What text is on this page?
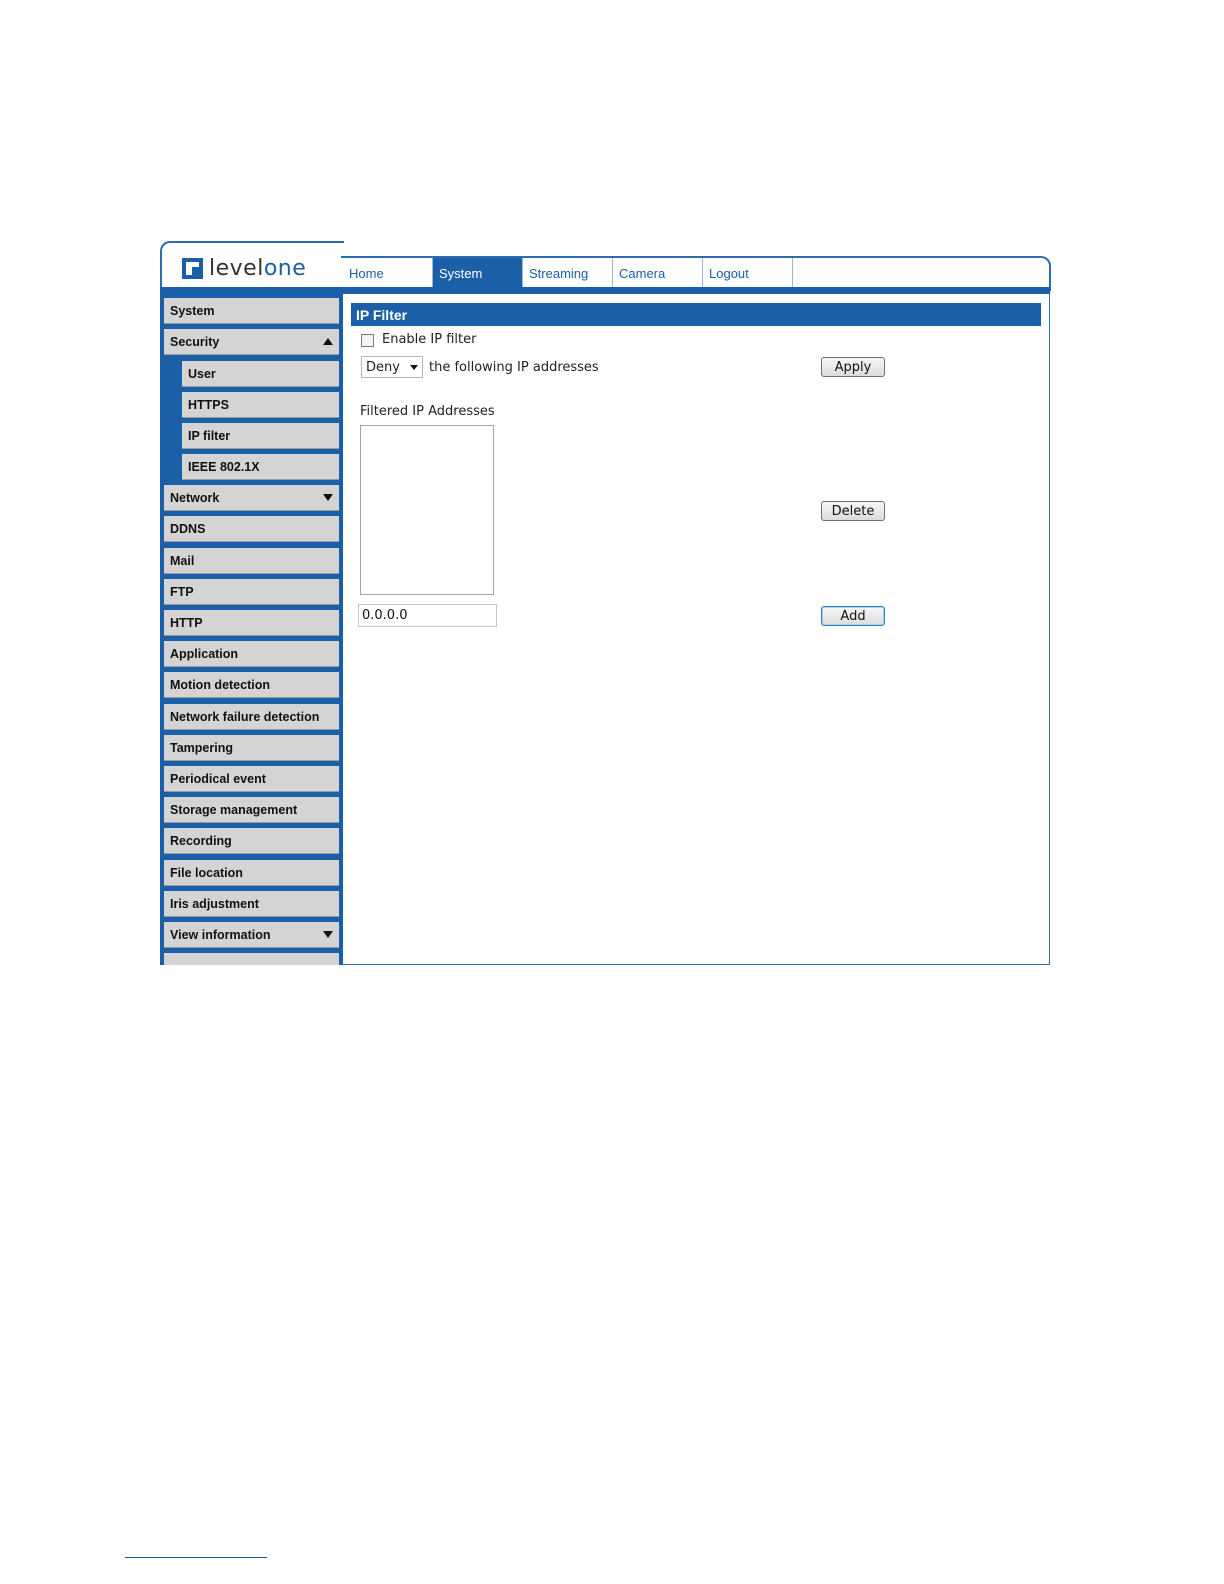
levelone	Home	System	Streaming	Camera	Logout
System
Security
User
HTTPS
IP filter
IEEE 802.1X
Network
DDNS
Mail
FTP
HTTP
Application
Motion detection
Network failure detection
Tampering
Periodical event
Storage management
Recording
File location
Iris adjustment
View information
IP Filter
Enable IP filter
Deny the following IP addresses	Apply
Filtered IP Addresses
Delete
0.0.0.0	Add
